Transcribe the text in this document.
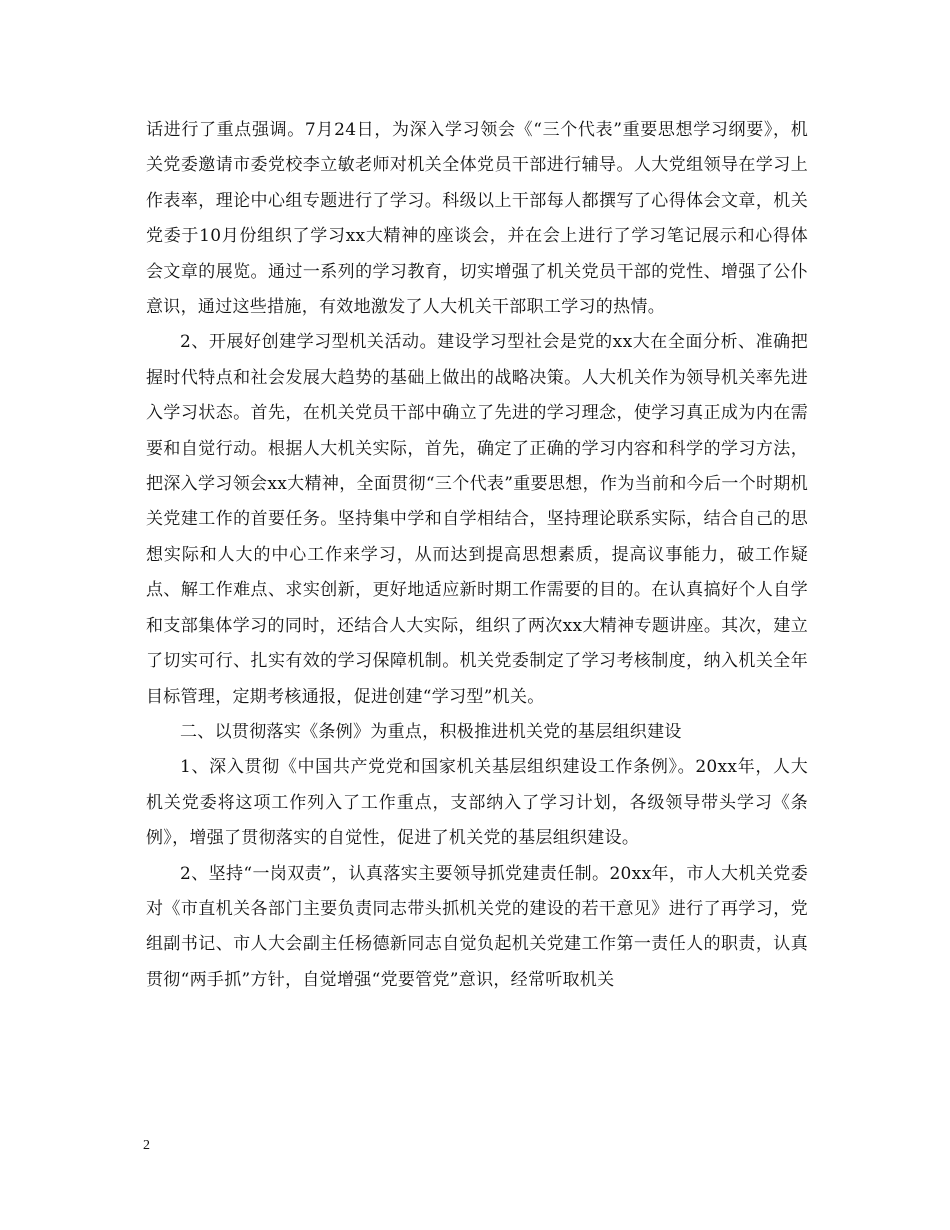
话进行了重点强调。7月24日，为深入学习领会《“三个代表”重要思想学习纲要》，机关党委邀请市委党校李立敏老师对机关全体党员干部进行辅导。人大党组领导在学习上作表率，理论中心组专题进行了学习。科级以上干部每人都撰写了心得体会文章，机关党委于10月份组织了学习xx大精神的座谈会，并在会上进行了学习笔记展示和心得体会文章的展览。通过一系列的学习教育，切实增强了机关党员干部的党性、增强了公仆意识，通过这些措施，有效地激发了人大机关干部职工学习的热情。

2、开展好创建学习型机关活动。建设学习型社会是党的xx大在全面分析、准确把握时代特点和社会发展大趋势的基础上做出的战略决策。人大机关作为领导机关率先进入学习状态。首先，在机关党员干部中确立了先进的学习理念，使学习真正成为内在需要和自觉行动。根据人大机关实际，首先，确定了正确的学习内容和科学的学习方法，把深入学习领会xx大精神，全面贯彻“三个代表”重要思想，作为当前和今后一个时期机关党建工作的首要任务。坚持集中学和自学相结合，坚持理论联系实际，结合自己的思想实际和人大的中心工作来学习，从而达到提高思想素质，提高议事能力，破工作疑点、解工作难点、求实创新，更好地适应新时期工作需要的目的。在认真搞好个人自学和支部集体学习的同时，还结合人大实际，组织了两次xx大精神专题讲座。其次，建立了切实可行、扎实有效的学习保障机制。机关党委制定了学习考核制度，纳入机关全年目标管理，定期考核通报，促进创建“学习型”机关。

二、以贯彻落实《条例》为重点，积极推进机关党的基层组织建设

1、深入贯彻《中国共产党党和国家机关基层组织建设工作条例》。20xx年，人大机关党委将这项工作列入了工作重点，支部纳入了学习计划，各级领导带头学习《条例》，增强了贯彻落实的自觉性，促进了机关党的基层组织建设。

2、坚持“一岗双责”，认真落实主要领导抓党建责任制。20xx年，市人大机关党委对《市直机关各部门主要负责同志带头抓机关党的建设的若干意见》进行了再学习，党组副书记、市人大会副主任杨德新同志自觉负起机关党建工作第一责任人的职责，认真贯彻“两手抓”方针，自觉增强“党要管党”意识，经常听取机关

2
